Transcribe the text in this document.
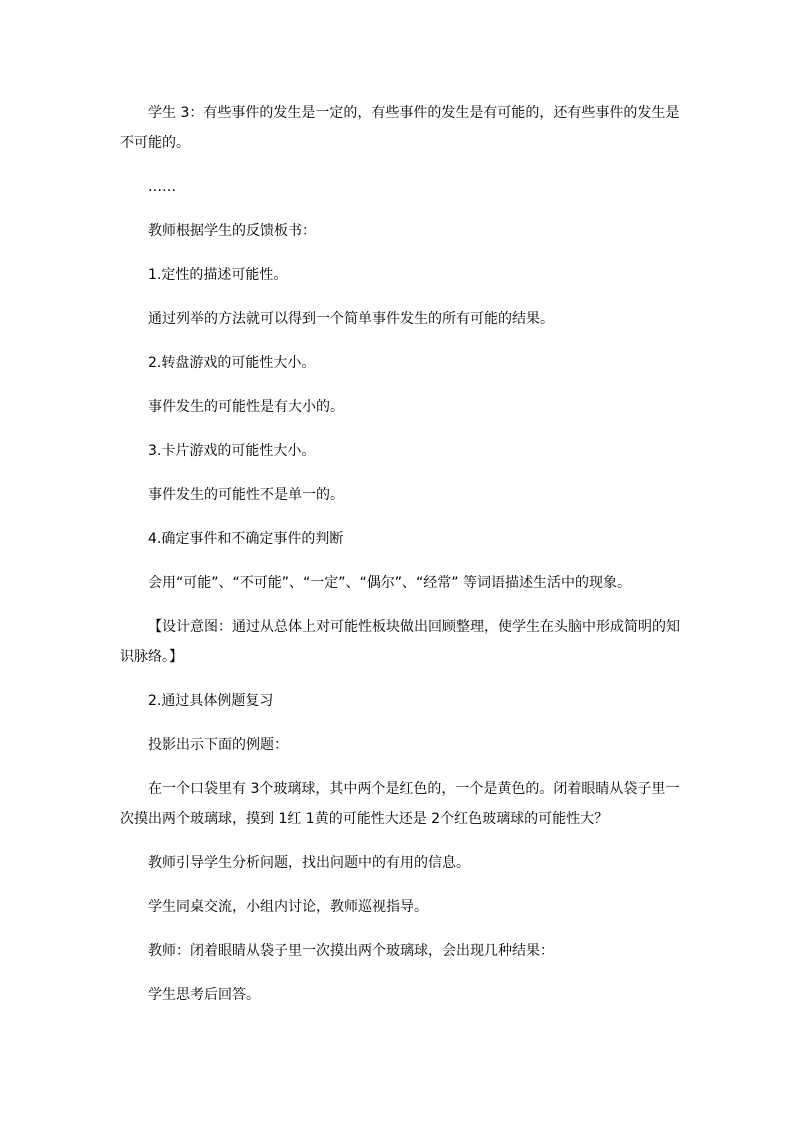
学生 3：有些事件的发生是一定的，有些事件的发生是有可能的，还有些事件的发生是不可能的。

……

教师根据学生的反馈板书：

1.定性的描述可能性。

通过列举的方法就可以得到一个简单事件发生的所有可能的结果。

2.转盘游戏的可能性大小。

事件发生的可能性是有大小的。

3.卡片游戏的可能性大小。

事件发生的可能性不是单一的。

4.确定事件和不确定事件的判断

会用“可能”、“不可能”、“一定”、“偶尔”、“经常” 等词语描述生活中的现象。

【设计意图：通过从总体上对可能性板块做出回顾整理，使学生在头脑中形成简明的知识脉络。】

2.通过具体例题复习

投影出示下面的例题：

在一个口袋里有 3个玻璃球，其中两个是红色的，一个是黄色的。闭着眼睛从袋子里一次摸出两个玻璃球，摸到 1红 1黄的可能性大还是 2个红色玻璃球的可能性大？

教师引导学生分析问题，找出问题中的有用的信息。

学生同桌交流，小组内讨论，教师巡视指导。

教师：闭着眼睛从袋子里一次摸出两个玻璃球，会出现几种结果：

学生思考后回答。
